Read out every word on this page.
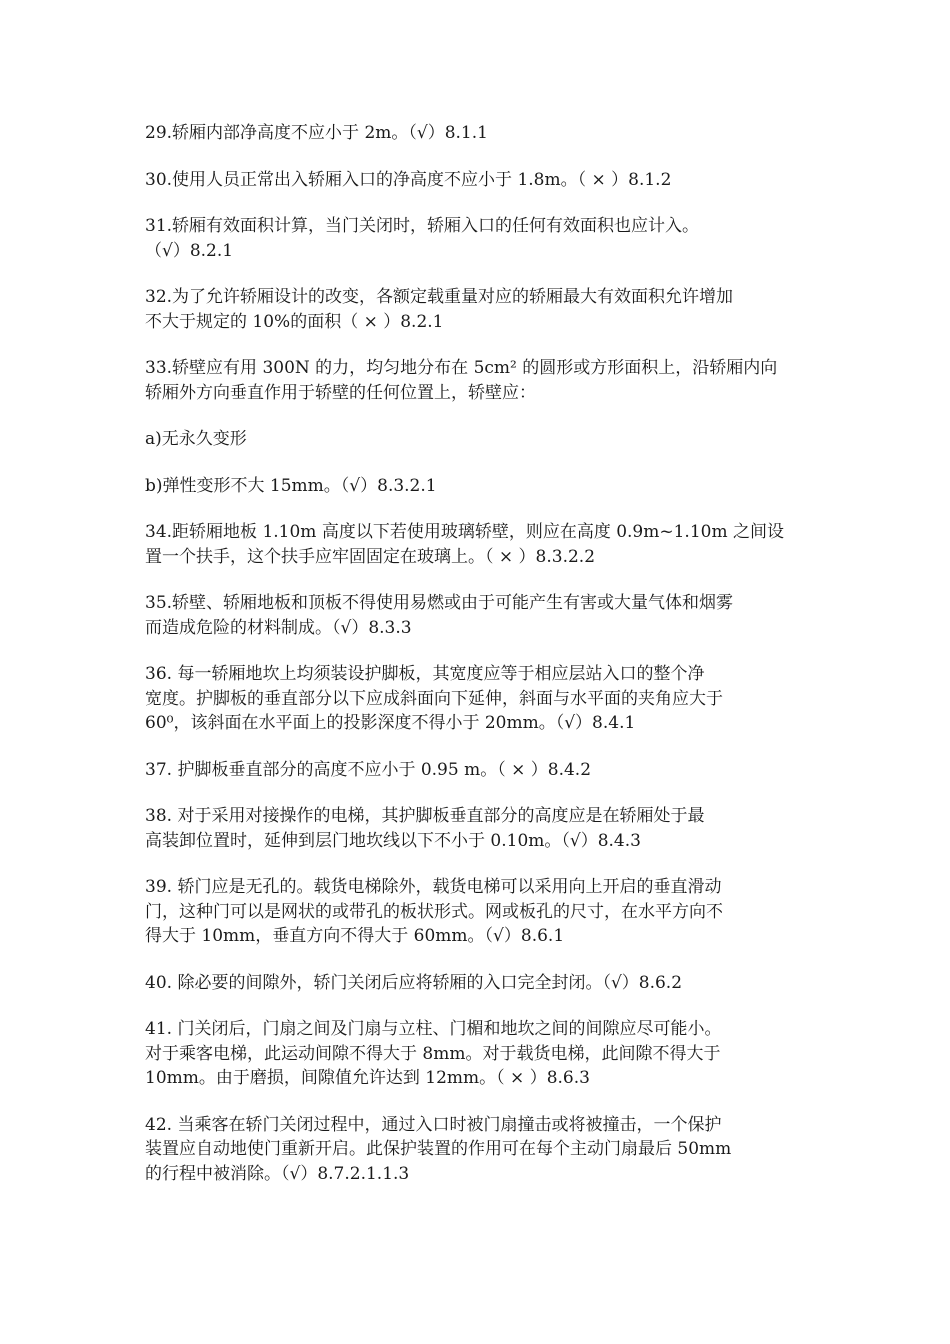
29.轿厢内部净高度不应小于 2m。（√）8.1.1
30.使用人员正常出入轿厢入口的净高度不应小于 1.8m。（ × ）8.1.2
31.轿厢有效面积计算，当门关闭时，轿厢入口的任何有效面积也应计入。
（√）8.2.1
32.为了允许轿厢设计的改变，各额定载重量对应的轿厢最大有效面积允许增加
不大于规定的 10%的面积（ × ）8.2.1
33.轿壁应有用 300N 的力，均匀地分布在 5cm² 的圆形或方形面积上，沿轿厢内向
轿厢外方向垂直作用于轿壁的任何位置上，轿壁应：
a)无永久变形
b)弹性变形不大 15mm。（√）8.3.2.1
34.距轿厢地板 1.10m 高度以下若使用玻璃轿壁，则应在高度 0.9m~1.10m 之间设
置一个扶手，这个扶手应牢固固定在玻璃上。（ × ）8.3.2.2
35.轿壁、轿厢地板和顶板不得使用易燃或由于可能产生有害或大量气体和烟雾
而造成危险的材料制成。（√）8.3.3
36. 每一轿厢地坎上均须装设护脚板，其宽度应等于相应层站入口的整个净
宽度。护脚板的垂直部分以下应成斜面向下延伸，斜面与水平面的夹角应大于
60⁰，该斜面在水平面上的投影深度不得小于 20mm。（√）8.4.1
37. 护脚板垂直部分的高度不应小于 0.95 m。（ × ）8.4.2
38. 对于采用对接操作的电梯，其护脚板垂直部分的高度应是在轿厢处于最
高装卸位置时，延伸到层门地坎线以下不小于 0.10m。（√）8.4.3
39. 轿门应是无孔的。载货电梯除外，载货电梯可以采用向上开启的垂直滑动
门，这种门可以是网状的或带孔的板状形式。网或板孔的尺寸，在水平方向不
得大于 10mm，垂直方向不得大于 60mm。（√）8.6.1
40. 除必要的间隙外，轿门关闭后应将轿厢的入口完全封闭。（√）8.6.2
41. 门关闭后，门扇之间及门扇与立柱、门楣和地坎之间的间隙应尽可能小。
对于乘客电梯，此运动间隙不得大于 8mm。对于载货电梯，此间隙不得大于
10mm。由于磨损，间隙值允许达到 12mm。（ × ）8.6.3
42. 当乘客在轿门关闭过程中，通过入口时被门扇撞击或将被撞击，一个保护
装置应自动地使门重新开启。此保护装置的作用可在每个主动门扇最后 50mm
的行程中被消除。（√）8.7.2.1.1.3
